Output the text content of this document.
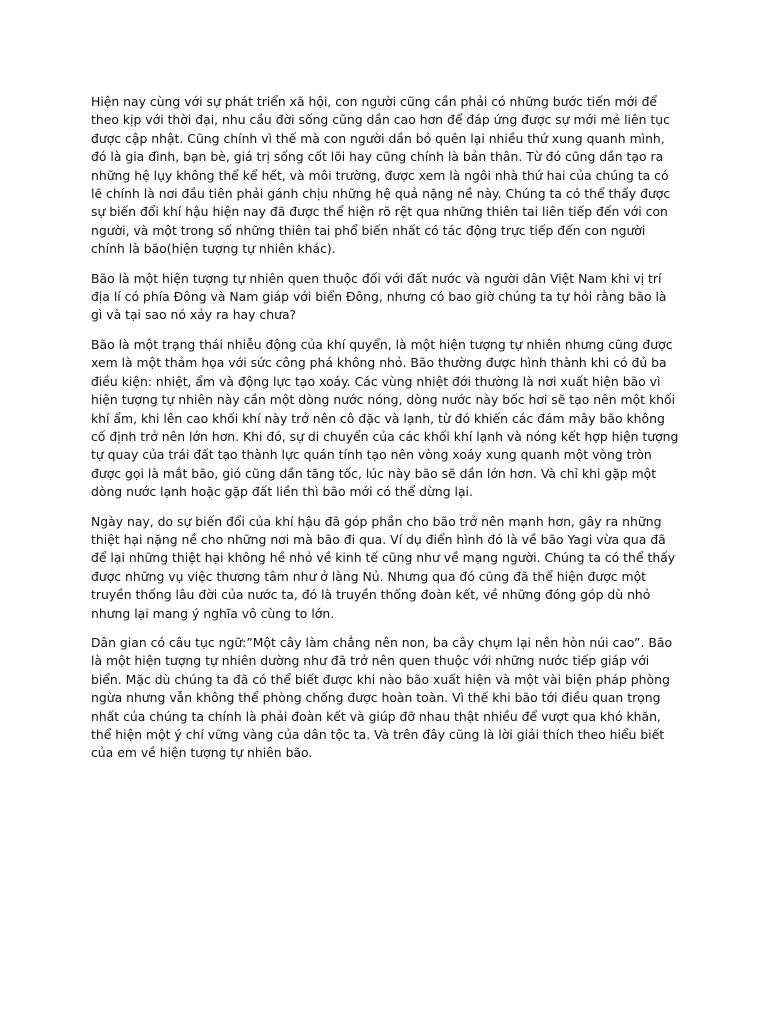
Hiện nay cùng với sự phát triển xã hội, con người cũng cần phải có những bước tiến mới để theo kịp với thời đại, nhu cầu đời sống cũng dần cao hơn để đáp ứng được sự mới mẻ liên tục được cập nhật. Cũng chính vì thế mà con người dần bỏ quên lại nhiều thứ xung quanh mình, đó là gia đình, bạn bè, giá trị sống cốt lõi hay cũng chính là bản thân. Từ đó cũng dần tạo ra những hệ lụy không thể kể hết, và môi trường, được xem là ngôi nhà thứ hai của chúng ta có lẽ chính là nơi đầu tiên phải gánh chịu những hệ quả nặng nề này. Chúng ta có thể thấy được sự biến đổi khí hậu hiện nay đã được thể hiện rõ rệt qua những thiên tai liên tiếp đến với con người, và một trong số những thiên tai phổ biến nhất có tác động trực tiếp đến con người chính là bão(hiện tượng tự nhiên khác).

Bão là một hiện tượng tự nhiên quen thuộc đối với đất nước và người dân Việt Nam khi vị trí địa lí có phía Đông và Nam giáp với biển Đông, nhưng có bao giờ chúng ta tự hỏi rằng bão là gì và tại sao nó xảy ra hay chưa?

Bão là một trạng thái nhiễu động của khí quyển, là một hiện tượng tự nhiên nhưng cũng được xem là một thảm họa với sức công phá không nhỏ. Bão thường được hình thành khi có đủ ba điều kiện: nhiệt, ẩm và động lực tạo xoáy. Các vùng nhiệt đới thường là nơi xuất hiện bão vì hiện tượng tự nhiên này cần một dòng nước nóng, dòng nước này bốc hơi sẽ tạo nên một khối khí ẩm, khi lên cao khối khí này trở nên cô đặc và lạnh, từ đó khiến các đám mây bão không cố định trở nên lớn hơn. Khi đó, sự di chuyển của các khối khí lạnh và nóng kết hợp hiện tượng tự quay của trái đất tạo thành lực quán tính tạo nên vòng xoáy xung quanh một vòng tròn được gọi là mắt bão, gió cũng dần tăng tốc, lúc này bão sẽ dần lớn hơn. Và chỉ khi gặp một dòng nước lạnh hoặc gặp đất liền thì bão mới có thể dừng lại.

Ngày nay, do sự biến đổi của khí hậu đã góp phần cho bão trở nên mạnh hơn, gây ra những thiệt hại nặng nề cho những nơi mà bão đi qua. Ví dụ điển hình đó là về bão Yagi vừa qua đã để lại những thiệt hại không hề nhỏ về kinh tế cũng như về mạng người. Chúng ta có thể thấy được những vụ việc thương tâm như ở làng Nủ. Nhưng qua đó cũng đã thể hiện được một truyền thống lâu đời của nước ta, đó là truyền thống đoàn kết, về những đóng góp dù nhỏ nhưng lại mang ý nghĩa vô cùng to lớn.

Dân gian có câu tục ngữ:”Một cây làm chẳng nên non, ba cây chụm lại nên hòn núi cao”. Bão là một hiện tượng tự nhiên dường như đã trở nên quen thuộc với những nước tiếp giáp với biển. Mặc dù chúng ta đã có thể biết được khi nào bão xuất hiện và một vài biện pháp phòng ngừa nhưng vẫn không thể phòng chống được hoàn toàn. Vì thế khi bão tới điều quan trọng nhất của chúng ta chính là phải đoàn kết và giúp đỡ nhau thật nhiều để vượt qua khó khăn, thể hiện một ý chí vững vàng của dân tộc ta. Và trên đây cũng là lời giải thích theo hiểu biết của em về hiện tượng tự nhiên bão.
